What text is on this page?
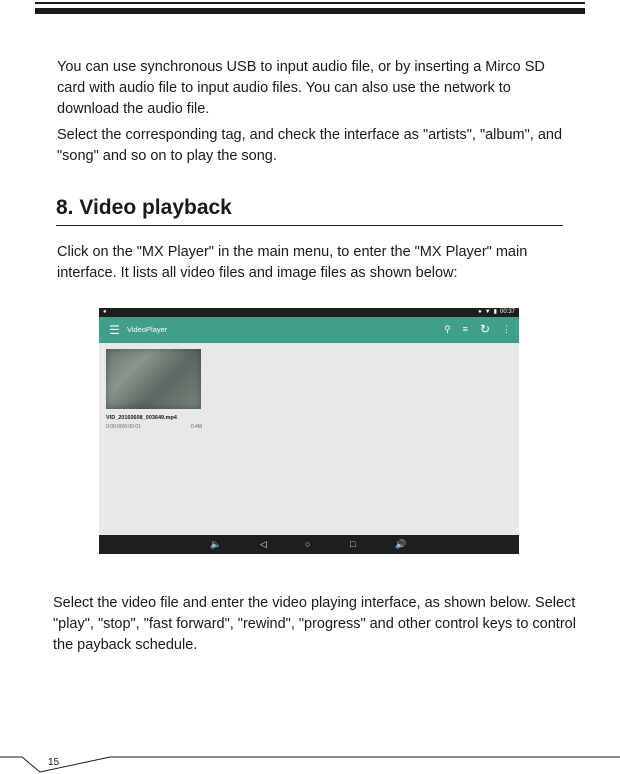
You can use synchronous USB to input audio file, or by inserting a Mirco SD card with audio file to input audio files. You can also use the network to download the audio file.

Select the corresponding tag, and check the interface as "artists", "album", and "song" and so on to play the song.

8. Video playback

Click on the "MX Player" in the main menu, to enter the "MX Player" main interface. It lists all video files and image files as shown below:

●	● ▼ ▮ 00:37
☰ VideoPlayer	⚲ ≡ ↻ ⋮
VID_20160608_003649.mp4
0:00:00/0:00:01	0.4M
🔈	◁	○	□	🔊

Select the video file and enter the video playing interface, as shown below. Select "play", "stop", "fast forward", "rewind", "progress" and other control keys to control the payback schedule.

15
